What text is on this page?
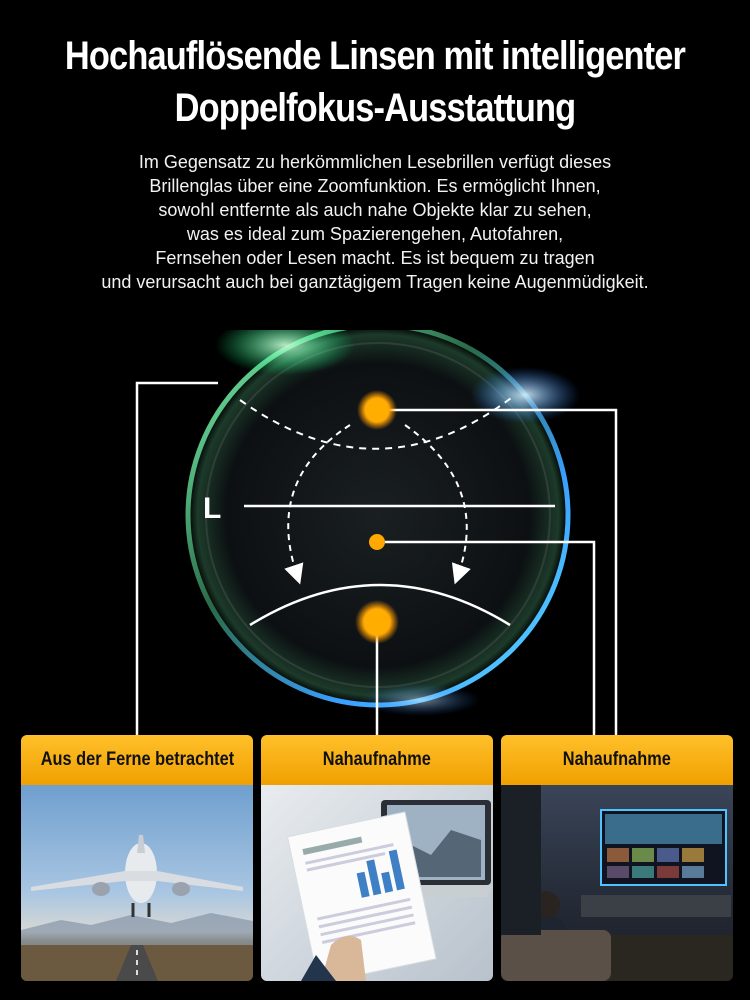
Hochauflösende Linsen mit intelligenter
Doppelfokus-Ausstattung
Im Gegensatz zu herkömmlichen Lesebrillen verfügt dieses
Brillenglas über eine Zoomfunktion. Es ermöglicht Ihnen,
sowohl entfernte als auch nahe Objekte klar zu sehen,
was es ideal zum Spazierengehen, Autofahren,
Fernsehen oder Lesen macht. Es ist bequem zu tragen
und verursacht auch bei ganztägigem Tragen keine Augenmüdigkeit.
L
Aus der Ferne betrachtet	Nahaufnahme	Nahaufnahme
